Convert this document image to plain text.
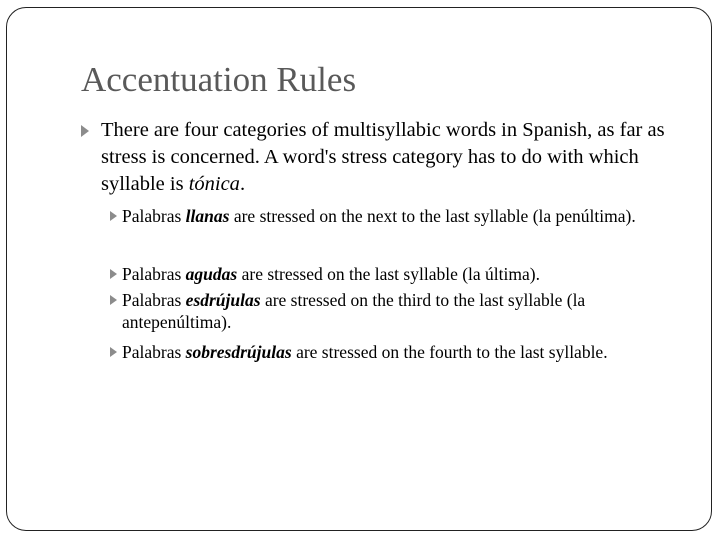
Accentuation Rules

There are four categories of multisyllabic words in Spanish, as far as stress is concerned. A word's stress category has to do with which syllable is tónica.

Palabras llanas are stressed on the next to the last syllable (la penúltima).

Palabras agudas are stressed on the last syllable (la última).

Palabras esdrújulas are stressed on the third to the last syllable (la antepenúltima).

Palabras sobresdrújulas are stressed on the fourth to the last syllable.
